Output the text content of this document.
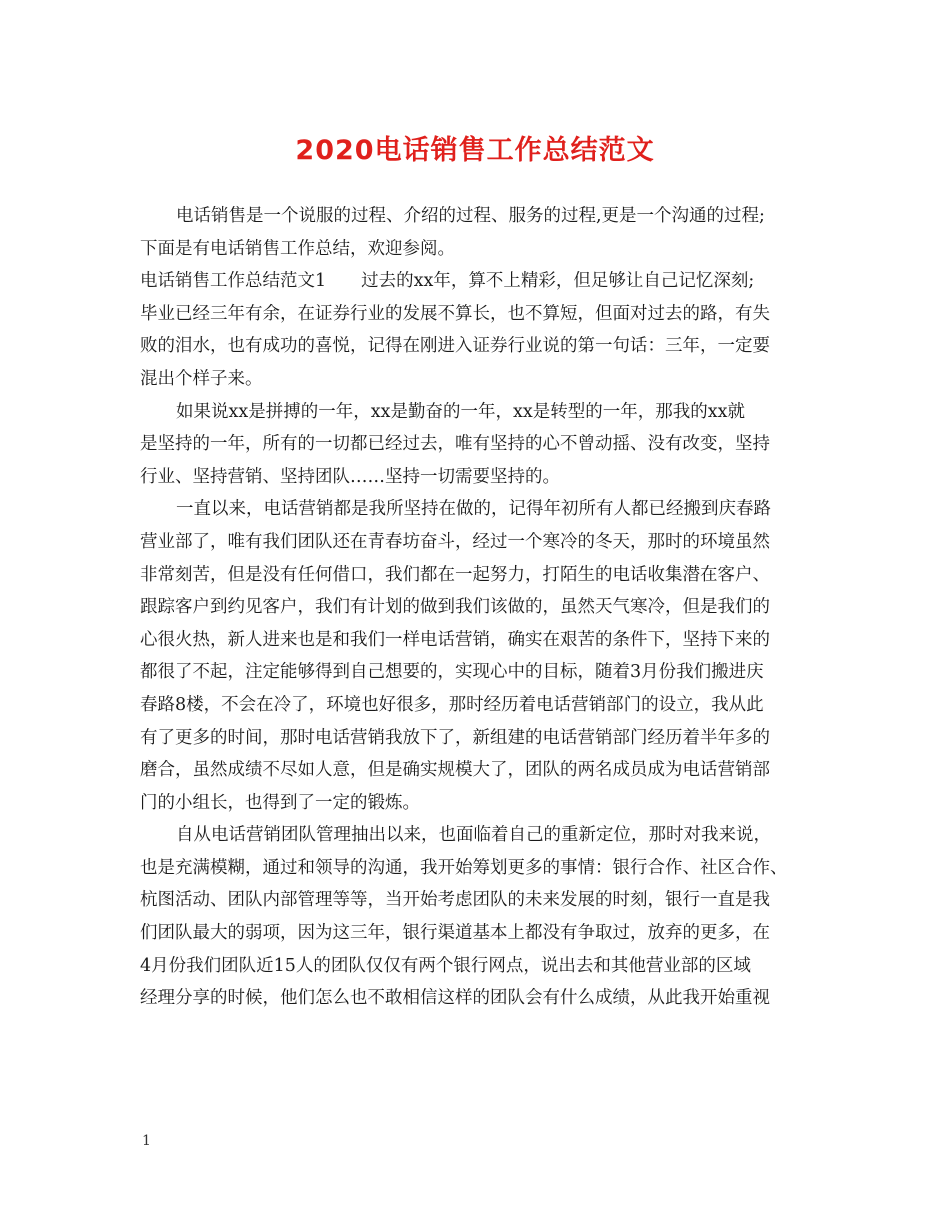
2020电话销售工作总结范文
电话销售是一个说服的过程、介绍的过程、服务的过程,更是一个沟通的过程;
下面是有电话销售工作总结，欢迎参阅。
电话销售工作总结范文1　　过去的xx年，算不上精彩，但足够让自己记忆深刻;
毕业已经三年有余，在证券行业的发展不算长，也不算短，但面对过去的路，有失
败的泪水，也有成功的喜悦，记得在刚进入证券行业说的第一句话：三年，一定要
混出个样子来。
如果说xx是拼搏的一年，xx是勤奋的一年，xx是转型的一年，那我的xx就
是坚持的一年，所有的一切都已经过去，唯有坚持的心不曾动摇、没有改变，坚持
行业、坚持营销、坚持团队……坚持一切需要坚持的。
一直以来，电话营销都是我所坚持在做的，记得年初所有人都已经搬到庆春路
营业部了，唯有我们团队还在青春坊奋斗，经过一个寒冷的冬天，那时的环境虽然
非常刻苦，但是没有任何借口，我们都在一起努力，打陌生的电话收集潜在客户、
跟踪客户到约见客户，我们有计划的做到我们该做的，虽然天气寒冷，但是我们的
心很火热，新人进来也是和我们一样电话营销，确实在艰苦的条件下，坚持下来的
都很了不起，注定能够得到自己想要的，实现心中的目标，随着3月份我们搬进庆
春路8楼，不会在冷了，环境也好很多，那时经历着电话营销部门的设立，我从此
有了更多的时间，那时电话营销我放下了，新组建的电话营销部门经历着半年多的
磨合，虽然成绩不尽如人意，但是确实规模大了，团队的两名成员成为电话营销部
门的小组长，也得到了一定的锻炼。
自从电话营销团队管理抽出以来，也面临着自己的重新定位，那时对我来说，
也是充满模糊，通过和领导的沟通，我开始筹划更多的事情：银行合作、社区合作、
杭图活动、团队内部管理等等，当开始考虑团队的未来发展的时刻，银行一直是我
们团队最大的弱项，因为这三年，银行渠道基本上都没有争取过，放弃的更多，在
4月份我们团队近15人的团队仅仅有两个银行网点，说出去和其他营业部的区域
经理分享的时候，他们怎么也不敢相信这样的团队会有什么成绩，从此我开始重视
1
